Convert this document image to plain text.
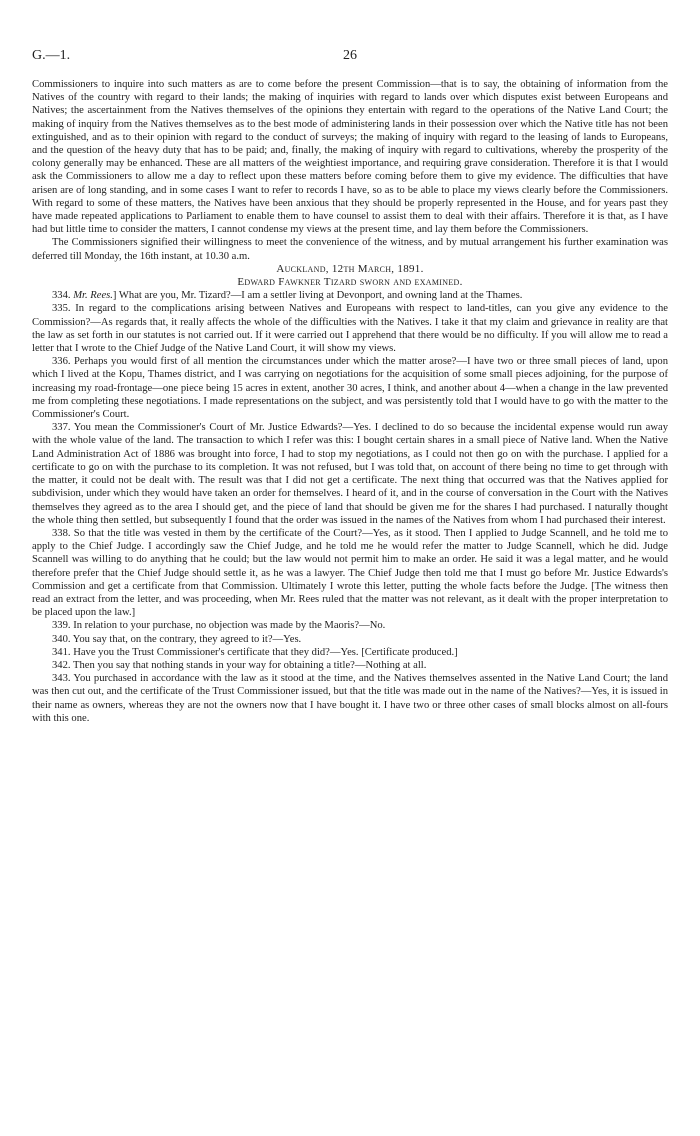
G.—1.	26

Commissioners to inquire into such matters as are to come before the present Commission—that is to say, the obtaining of information from the Natives of the country with regard to their lands; the making of inquiries with regard to lands over which disputes exist between Europeans and Natives; the ascertainment from the Natives themselves of the opinions they entertain with regard to the operations of the Native Land Court; the making of inquiry from the Natives themselves as to the best mode of administering lands in their possession over which the Native title has not been extinguished, and as to their opinion with regard to the conduct of surveys; the making of inquiry with regard to the leasing of lands to Europeans, and the question of the heavy duty that has to be paid; and, finally, the making of inquiry with regard to cultivations, whereby the prosperity of the colony generally may be enhanced. These are all matters of the weightiest importance, and requiring grave consideration. Therefore it is that I would ask the Commissioners to allow me a day to reflect upon these matters before coming before them to give my evidence. The difficulties that have arisen are of long standing, and in some cases I want to refer to records I have, so as to be able to place my views clearly before the Commissioners. With regard to some of these matters, the Natives have been anxious that they should be properly represented in the House, and for years past they have made repeated applications to Parliament to enable them to have counsel to assist them to deal with their affairs. Therefore it is that, as I have had but little time to consider the matters, I cannot condense my views at the present time, and lay them before the Commissioners.

The Commissioners signified their willingness to meet the convenience of the witness, and by mutual arrangement his further examination was deferred till Monday, the 16th instant, at 10.30 a.m.

Auckland, 12th March, 1891.

Edward Fawkner Tizard sworn and examined.

334. Mr. Rees.] What are you, Mr. Tizard?—I am a settler living at Devonport, and owning land at the Thames.

335. In regard to the complications arising between Natives and Europeans with respect to land-titles, can you give any evidence to the Commission?—As regards that, it really affects the whole of the difficulties with the Natives. I take it that my claim and grievance in reality are that the law as set forth in our statutes is not carried out. If it were carried out I apprehend that there would be no difficulty. If you will allow me to read a letter that I wrote to the Chief Judge of the Native Land Court, it will show my views.

336. Perhaps you would first of all mention the circumstances under which the matter arose?—I have two or three small pieces of land, upon which I lived at the Kopu, Thames district, and I was carrying on negotiations for the acquisition of some small pieces adjoining, for the purpose of increasing my road-frontage—one piece being 15 acres in extent, another 30 acres, I think, and another about 4—when a change in the law prevented me from completing these negotiations. I made representations on the subject, and was persistently told that I would have to go with the matter to the Commissioner's Court.

337. You mean the Commissioner's Court of Mr. Justice Edwards?—Yes. I declined to do so because the incidental expense would run away with the whole value of the land. The transaction to which I refer was this: I bought certain shares in a small piece of Native land. When the Native Land Administration Act of 1886 was brought into force, I had to stop my negotiations, as I could not then go on with the purchase. I applied for a certificate to go on with the purchase to its completion. It was not refused, but I was told that, on account of there being no time to get through with the matter, it could not be dealt with. The result was that I did not get a certificate. The next thing that occurred was that the Natives applied for subdivision, under which they would have taken an order for themselves. I heard of it, and in the course of conversation in the Court with the Natives themselves they agreed as to the area I should get, and the piece of land that should be given me for the shares I had purchased. I naturally thought the whole thing then settled, but subsequently I found that the order was issued in the names of the Natives from whom I had purchased their interest.

338. So that the title was vested in them by the certificate of the Court?—Yes, as it stood. Then I applied to Judge Scannell, and he told me to apply to the Chief Judge. I accordingly saw the Chief Judge, and he told me he would refer the matter to Judge Scannell, which he did. Judge Scannell was willing to do anything that he could; but the law would not permit him to make an order. He said it was a legal matter, and he would therefore prefer that the Chief Judge should settle it, as he was a lawyer. The Chief Judge then told me that I must go before Mr. Justice Edwards's Commission and get a certificate from that Commission. Ultimately I wrote this letter, putting the whole facts before the Judge. [The witness then read an extract from the letter, and was proceeding, when Mr. Rees ruled that the matter was not relevant, as it dealt with the proper interpretation to be placed upon the law.]

339. In relation to your purchase, no objection was made by the Maoris?—No.

340. You say that, on the contrary, they agreed to it?—Yes.

341. Have you the Trust Commissioner's certificate that they did?—Yes. [Certificate produced.]

342. Then you say that nothing stands in your way for obtaining a title?—Nothing at all.

343. You purchased in accordance with the law as it stood at the time, and the Natives themselves assented in the Native Land Court; the land was then cut out, and the certificate of the Trust Commissioner issued, but that the title was made out in the name of the Natives?—Yes, it is issued in their name as owners, whereas they are not the owners now that I have bought it. I have two or three other cases of small blocks almost on all-fours with this one.
